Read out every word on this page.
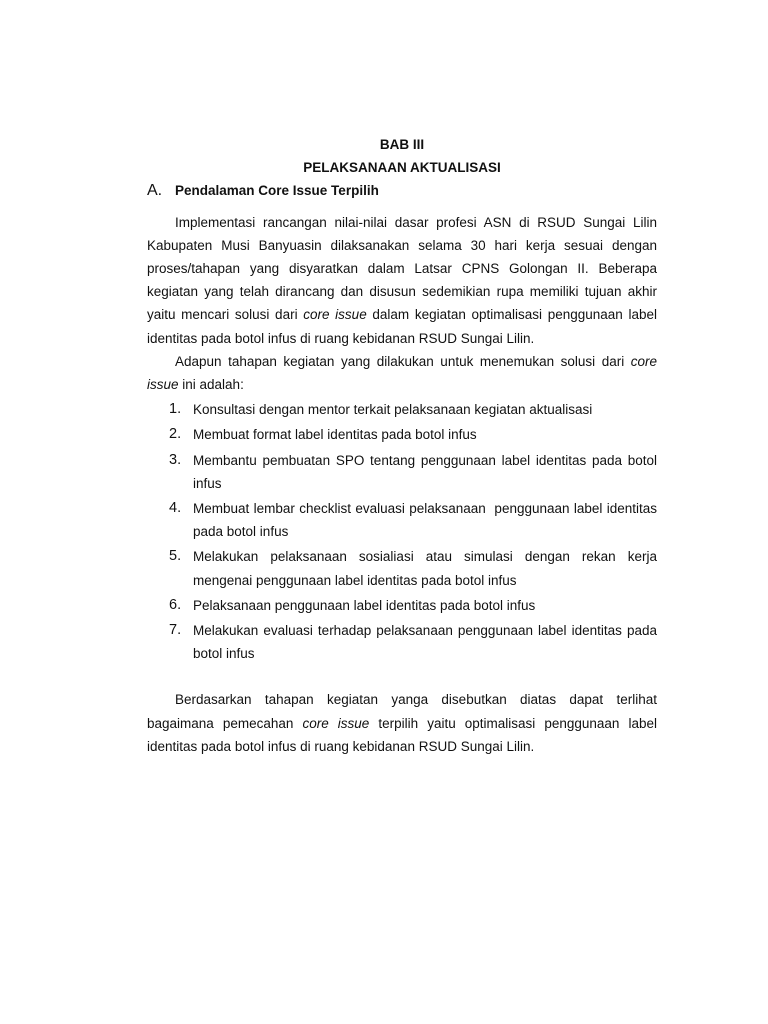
BAB III
PELAKSANAAN AKTUALISASI
A. Pendalaman Core Issue Terpilih

Implementasi rancangan nilai-nilai dasar profesi ASN di RSUD Sungai Lilin Kabupaten Musi Banyuasin dilaksanakan selama 30 hari kerja sesuai dengan proses/tahapan yang disyaratkan dalam Latsar CPNS Golongan II. Beberapa kegiatan yang telah dirancang dan disusun sedemikian rupa memiliki tujuan akhir yaitu mencari solusi dari core issue dalam kegiatan optimalisasi penggunaan label identitas pada botol infus di ruang kebidanan RSUD Sungai Lilin.

Adapun tahapan kegiatan yang dilakukan untuk menemukan solusi dari core issue ini adalah:

1. Konsultasi dengan mentor terkait pelaksanaan kegiatan aktualisasi
2. Membuat format label identitas pada botol infus
3. Membantu pembuatan SPO tentang penggunaan label identitas pada botol infus
4. Membuat lembar checklist evaluasi pelaksanaan  penggunaan label identitas pada botol infus
5. Melakukan pelaksanaan sosialiasi atau simulasi dengan rekan kerja mengenai penggunaan label identitas pada botol infus
6. Pelaksanaan penggunaan label identitas pada botol infus
7. Melakukan evaluasi terhadap pelaksanaan penggunaan label identitas pada botol infus

Berdasarkan tahapan kegiatan yanga disebutkan diatas dapat terlihat bagaimana pemecahan core issue terpilih yaitu optimalisasi penggunaan label identitas pada botol infus di ruang kebidanan RSUD Sungai Lilin.
